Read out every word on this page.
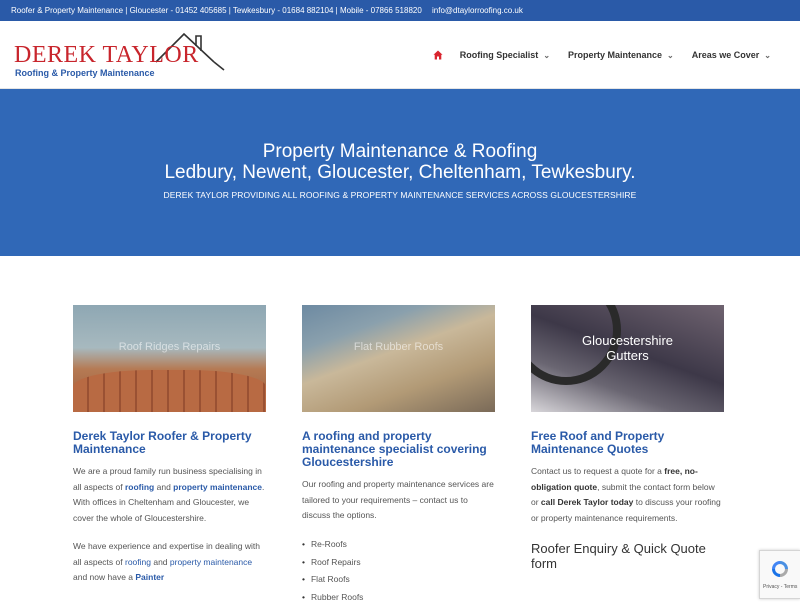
Roofer & Property Maintenance | Gloucester - 01452 405685 | Tewkesbury - 01684 882104 | Mobile - 07866 518820 info@dtaylorroofing.co.uk
DEREK TAYLOR
Roofing & Property Maintenance
Roofing Specialist ⌄ Property Maintenance ⌄ Areas we Cover ⌄
Property Maintenance & Roofing
Ledbury, Newent, Gloucester, Cheltenham, Tewkesbury.
DEREK TAYLOR PROVIDING ALL ROOFING & PROPERTY MAINTENANCE SERVICES ACROSS GLOUCESTERSHIRE
Roof Ridges Repairs
Derek Taylor Roofer & Property Maintenance

We are a proud family run business specialising in all aspects of roofing and property maintenance. With offices in Cheltenham and Gloucester, we cover the whole of Gloucestershire.

We have experience and expertise in dealing with all aspects of roofing and property maintenance and now have a Painter

Flat Rubber Roofs
A roofing and property maintenance specialist covering Gloucestershire

Our roofing and property maintenance services are tailored to your requirements – contact us to discuss the options.

• Re-Roofs
• Roof Repairs
• Flat Roofs
• Rubber Roofs
Gloucestershire
Gutters
Free Roof and Property Maintenance Quotes

Contact us to request a quote for a free, no-obligation quote, submit the contact form below or call Derek Taylor today to discuss your roofing or property maintenance requirements.

Roofer Enquiry & Quick Quote form
Privacy - Terms
